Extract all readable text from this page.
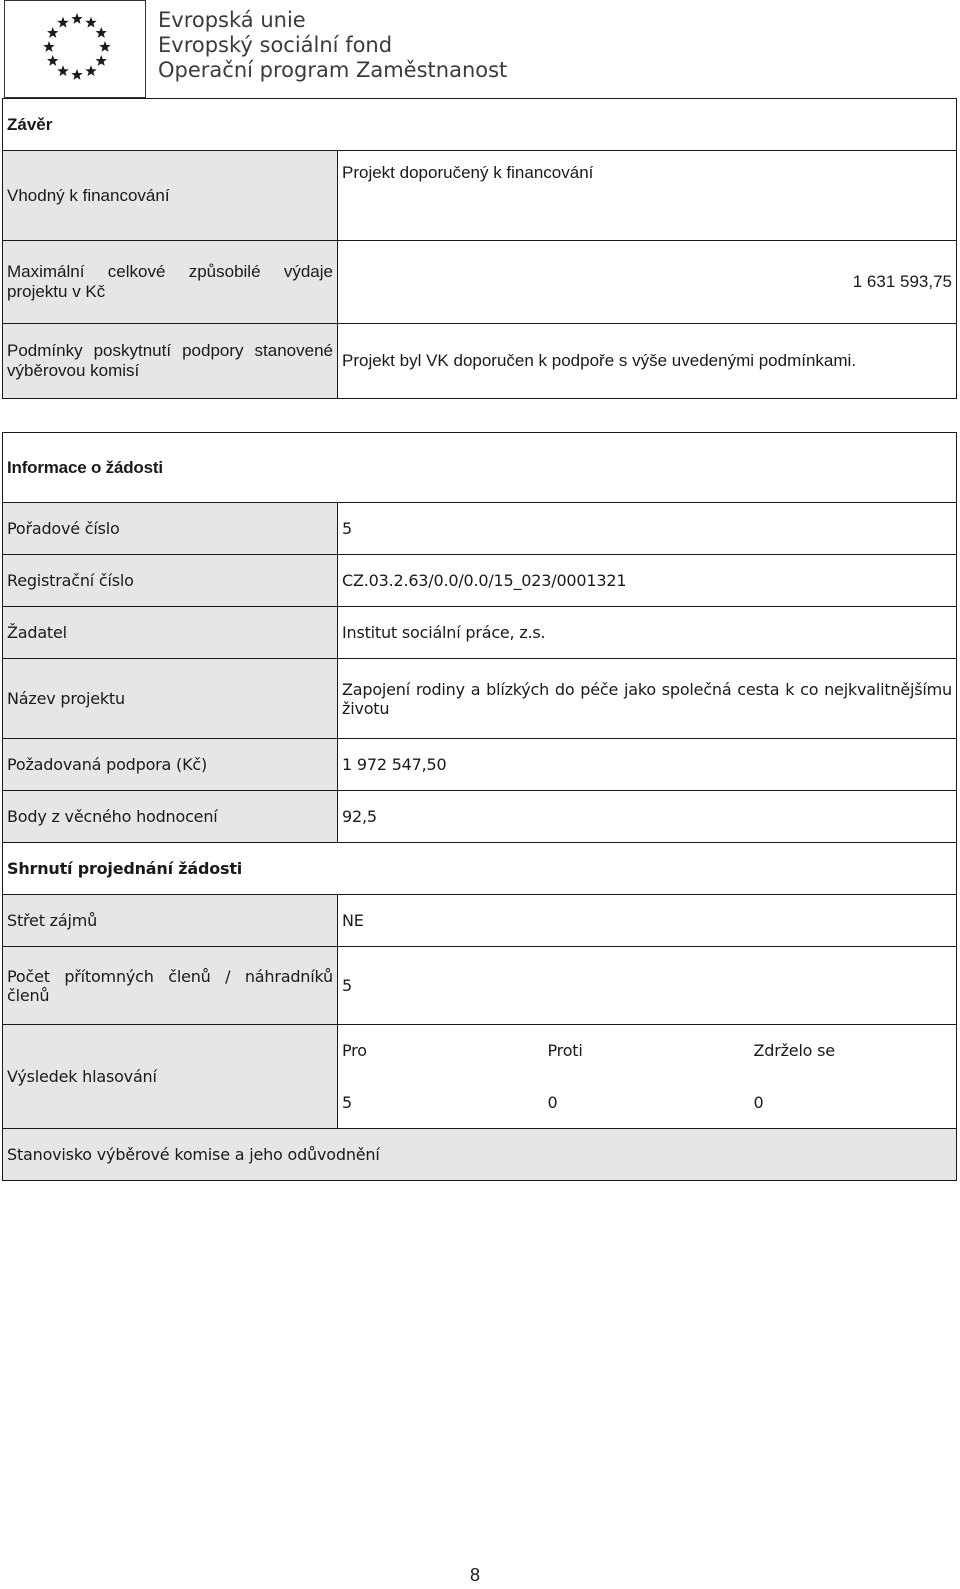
Evropská unie
Evropský sociální fond
Operační program Zaměstnanost
Závěr	
Vhodný k financování	Projekt doporučený k financování
Maximální celkové způsobilé výdaje projektu v Kč	1 631 593,75
Podmínky poskytnutí podpory stanovené výběrovou komisí	Projekt byl VK doporučen k podpoře s výše uvedenými podmínkami.
Informace o žádosti			
Pořadové číslo	5		
Registrační číslo	CZ.03.2.63/0.0/0.0/15_023/0001321		
Žadatel	Institut sociální práce, z.s.		
Název projektu	Zapojení rodiny a blízkých do péče jako společná cesta k co nejkvalitnějšímu životu		
Požadovaná podpora (Kč)	1 972 547,50		
Body z věcného hodnocení	92,5		
Shrnutí projednání žádosti			
Střet zájmů	NE		
Počet přítomných členů / náhradníků členů	5		
Výsledek hlasování	Pro	Proti	Zdrželo se
	5	0	0
Stanovisko výběrové komise a jeho odůvodnění			
8
